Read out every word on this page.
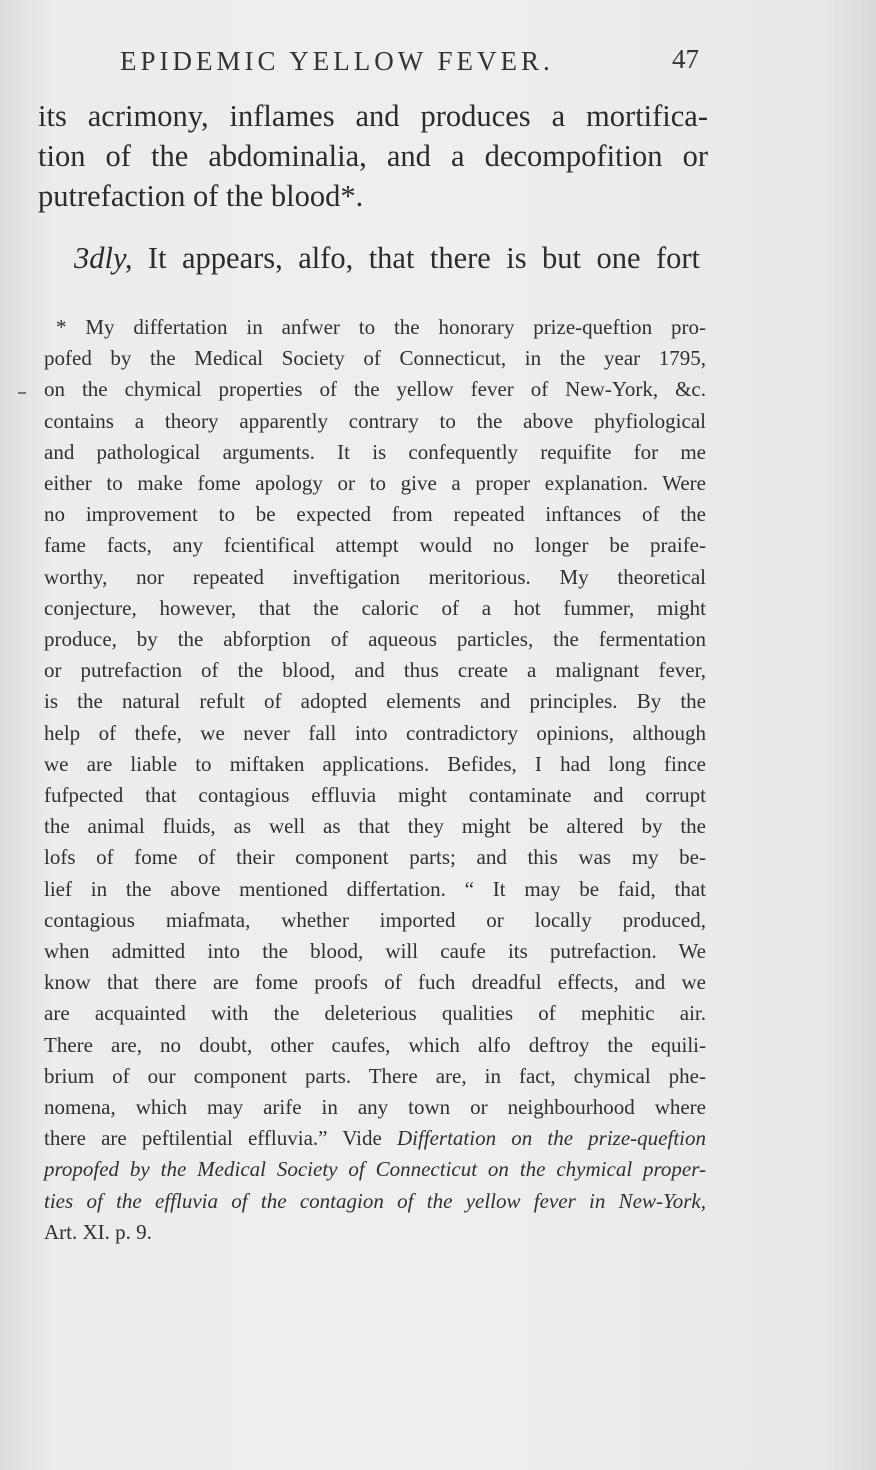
EPIDEMIC YELLOW FEVER.	47
its acrimony, inflames and produces a mortifica-
tion of the abdominalia, and a decompofition or
putrefaction of the blood*.
3dly, It appears, alfo, that there is but one fort
* My differtation in anfwer to the honorary prize-queftion pro-
pofed by the Medical Society of Connecticut, in the year 1795,
on the chymical properties of the yellow fever of New-York, &c.
contains a theory apparently contrary to the above phyfiological
and pathological arguments. It is confequently requifite for me
either to make fome apology or to give a proper explanation. Were
no improvement to be expected from repeated inftances of the
fame facts, any fcientifical attempt would no longer be praife-
worthy, nor repeated inveftigation meritorious. My theoretical
conjecture, however, that the caloric of a hot fummer, might
produce, by the abforption of aqueous particles, the fermentation
or putrefaction of the blood, and thus create a malignant fever,
is the natural refult of adopted elements and principles. By the
help of thefe, we never fall into contradictory opinions, although
we are liable to miftaken applications. Befides, I had long fince
fufpected that contagious effluvia might contaminate and corrupt
the animal fluids, as well as that they might be altered by the
lofs of fome of their component parts; and this was my be-
lief in the above mentioned differtation. “ It may be faid, that
contagious miafmata, whether imported or locally produced,
when admitted into the blood, will caufe its putrefaction. We
know that there are fome proofs of fuch dreadful effects, and we
are acquainted with the deleterious qualities of mephitic air.
There are, no doubt, other caufes, which alfo deftroy the equili-
brium of our component parts. There are, in fact, chymical phe-
nomena, which may arife in any town or neighbourhood where
there are peftilential effluvia.” Vide Differtation on the prize-queftion
propofed by the Medical Society of Connecticut on the chymical proper-
ties of the effluvia of the contagion of the yellow fever in New-York,
Art. XI. p. 9.
